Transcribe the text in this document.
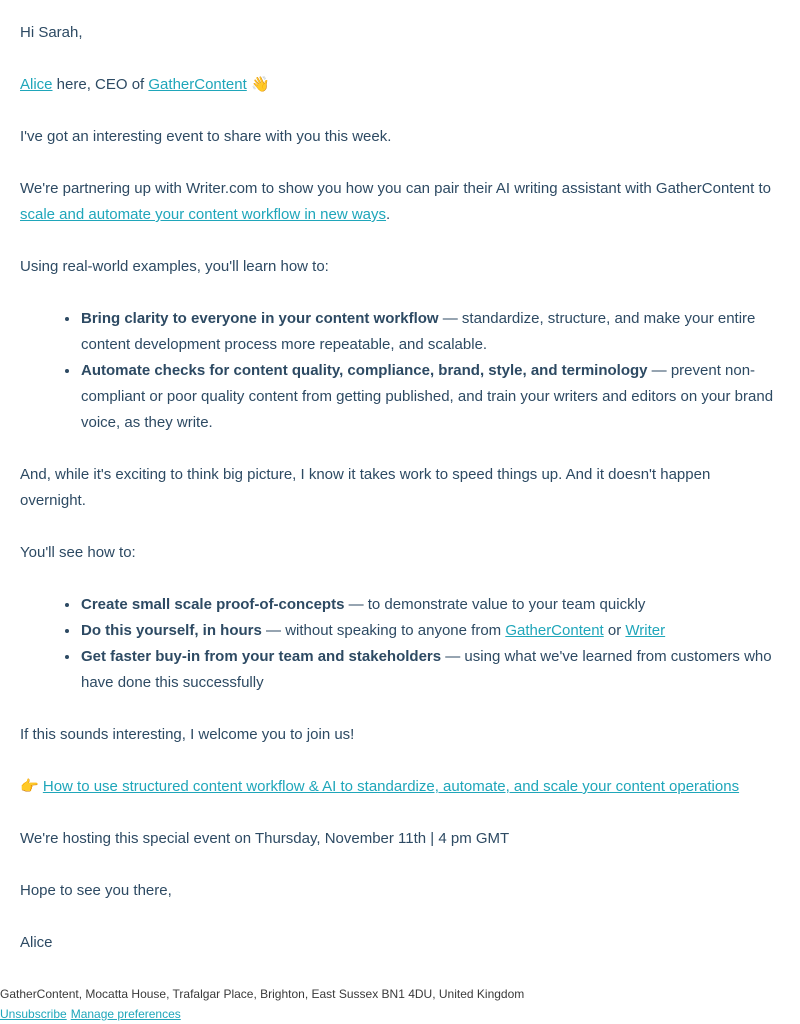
Hi Sarah,

Alice here, CEO of GatherContent 👋

I've got an interesting event to share with you this week.

We're partnering up with Writer.com to show you how you can pair their AI writing assistant with GatherContent to scale and automate your content workflow in new ways.

Using real-world examples, you'll learn how to:

Bring clarity to everyone in your content workflow — standardize, structure, and make your entire content development process more repeatable, and scalable.
Automate checks for content quality, compliance, brand, style, and terminology — prevent non-compliant or poor quality content from getting published, and train your writers and editors on your brand voice, as they write.

And, while it's exciting to think big picture, I know it takes work to speed things up. And it doesn't happen overnight.

You'll see how to:

Create small scale proof-of-concepts — to demonstrate value to your team quickly
Do this yourself, in hours — without speaking to anyone from GatherContent or Writer
Get faster buy-in from your team and stakeholders — using what we've learned from customers who have done this successfully

If this sounds interesting, I welcome you to join us!

👉 How to use structured content workflow & AI to standardize, automate, and scale your content operations

We're hosting this special event on Thursday, November 11th | 4 pm GMT

Hope to see you there,

Alice

GatherContent, Mocatta House, Trafalgar Place, Brighton, East Sussex BN1 4DU, United Kingdom
Unsubscribe Manage preferences
